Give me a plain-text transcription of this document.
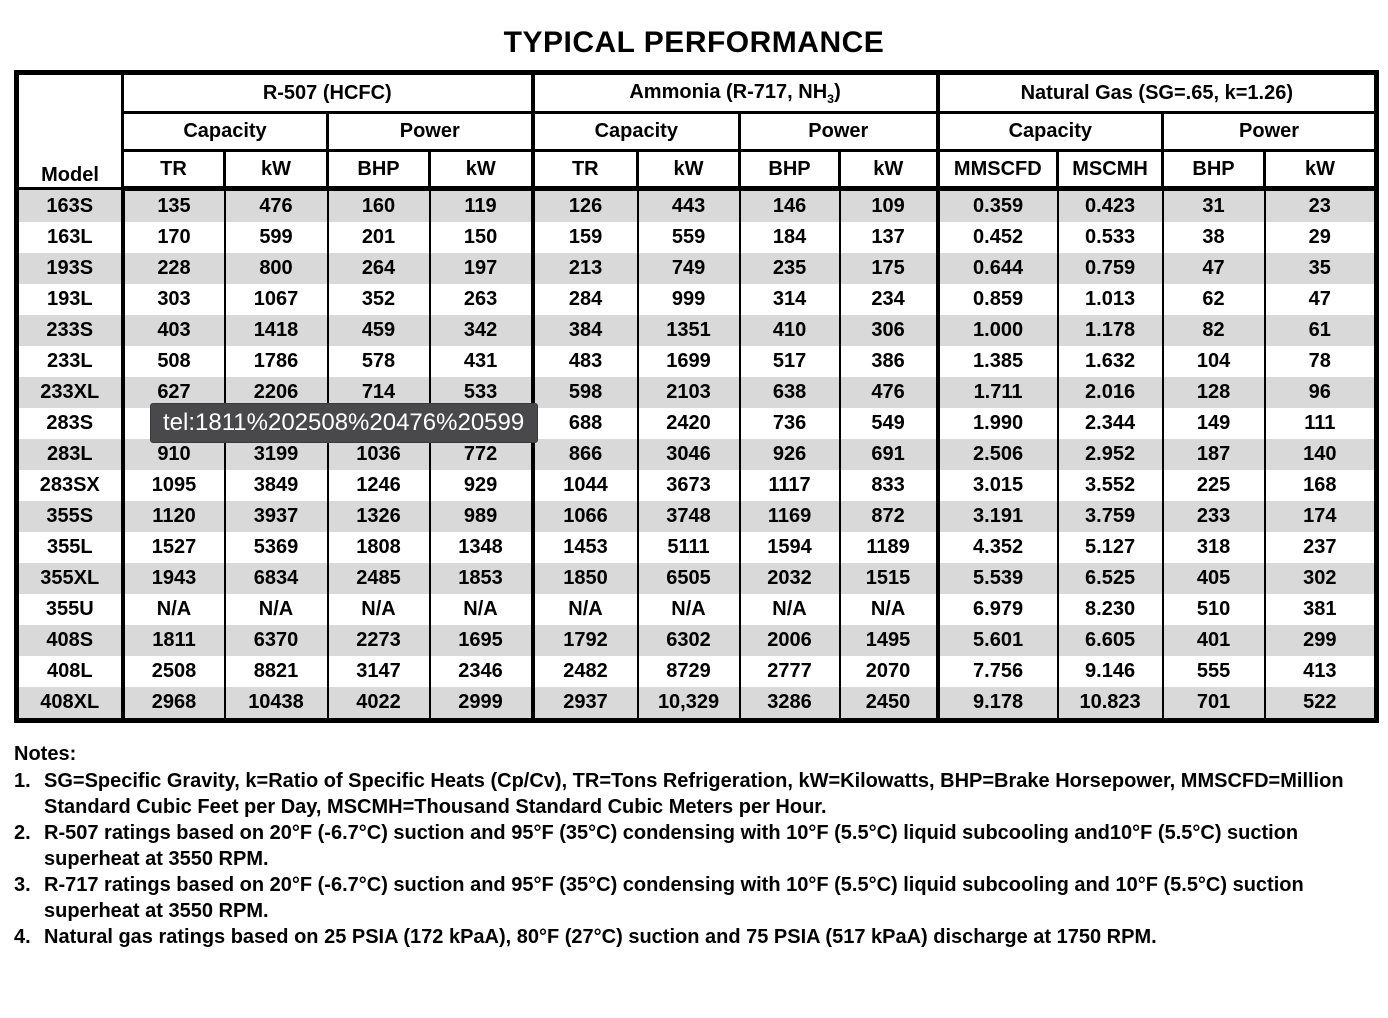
TYPICAL PERFORMANCE
Model	R-507 (HCFC)				Ammonia (R-717, $NH_3$)				Natural Gas (SG=.65, k=1.26)			
	Capacity		Power		Capacity		Power		Capacity		Power	
	TR	kW	BHP	kW	TR	kW	BHP	kW	MMSCFD	MSCMH	BHP	kW
163S	135	476	160	119	126	443	146	109	0.359	0.423	31	23
163L	170	599	201	150	159	559	184	137	0.452	0.533	38	29
193S	228	800	264	197	213	749	235	175	0.644	0.759	47	35
193L	303	1067	352	263	284	999	314	234	0.859	1.013	62	47
233S	403	1418	459	342	384	1351	410	306	1.000	1.178	82	61
233L	508	1786	578	431	483	1699	517	386	1.385	1.632	104	78
233XL	627	2206	714	533	598	2103	638	476	1.711	2.016	128	96
283S					688	2420	736	549	1.990	2.344	149	111
283L	910	3199	1036	772	866	3046	926	691	2.506	2.952	187	140
283SX	1095	3849	1246	929	1044	3673	1117	833	3.015	3.552	225	168
355S	1120	3937	1326	989	1066	3748	1169	872	3.191	3.759	233	174
355L	1527	5369	1808	1348	1453	5111	1594	1189	4.352	5.127	318	237
355XL	1943	6834	2485	1853	1850	6505	2032	1515	5.539	6.525	405	302
355U	N/A	N/A	N/A	N/A	N/A	N/A	N/A	N/A	6.979	8.230	510	381
408S	1811	6370	2273	1695	1792	6302	2006	1495	5.601	6.605	401	299
408L	2508	8821	3147	2346	2482	8729	2777	2070	7.756	9.146	555	413
408XL	2968	10438	4022	2999	2937	10,329	3286	2450	9.178	10.823	701	522
tel:1811%202508%20476%20599
Notes:
1. SG=Specific Gravity, k=Ratio of Specific Heats (Cp/Cv), TR=Tons Refrigeration, kW=Kilowatts, BHP=Brake Horsepower, MMSCFD=Million Standard Cubic Feet per Day, MSCMH=Thousand Standard Cubic Meters per Hour.
2. R-507 ratings based on 20°F (-6.7°C) suction and 95°F (35°C) condensing with 10°F (5.5°C) liquid subcooling and10°F (5.5°C) suction superheat at 3550 RPM.
3. R-717 ratings based on 20°F (-6.7°C) suction and 95°F (35°C) condensing with 10°F (5.5°C) liquid subcooling and 10°F (5.5°C) suction superheat at 3550 RPM.
4. Natural gas ratings based on 25 PSIA (172 kPaA), 80°F (27°C) suction and 75 PSIA (517 kPaA) discharge at 1750 RPM.
